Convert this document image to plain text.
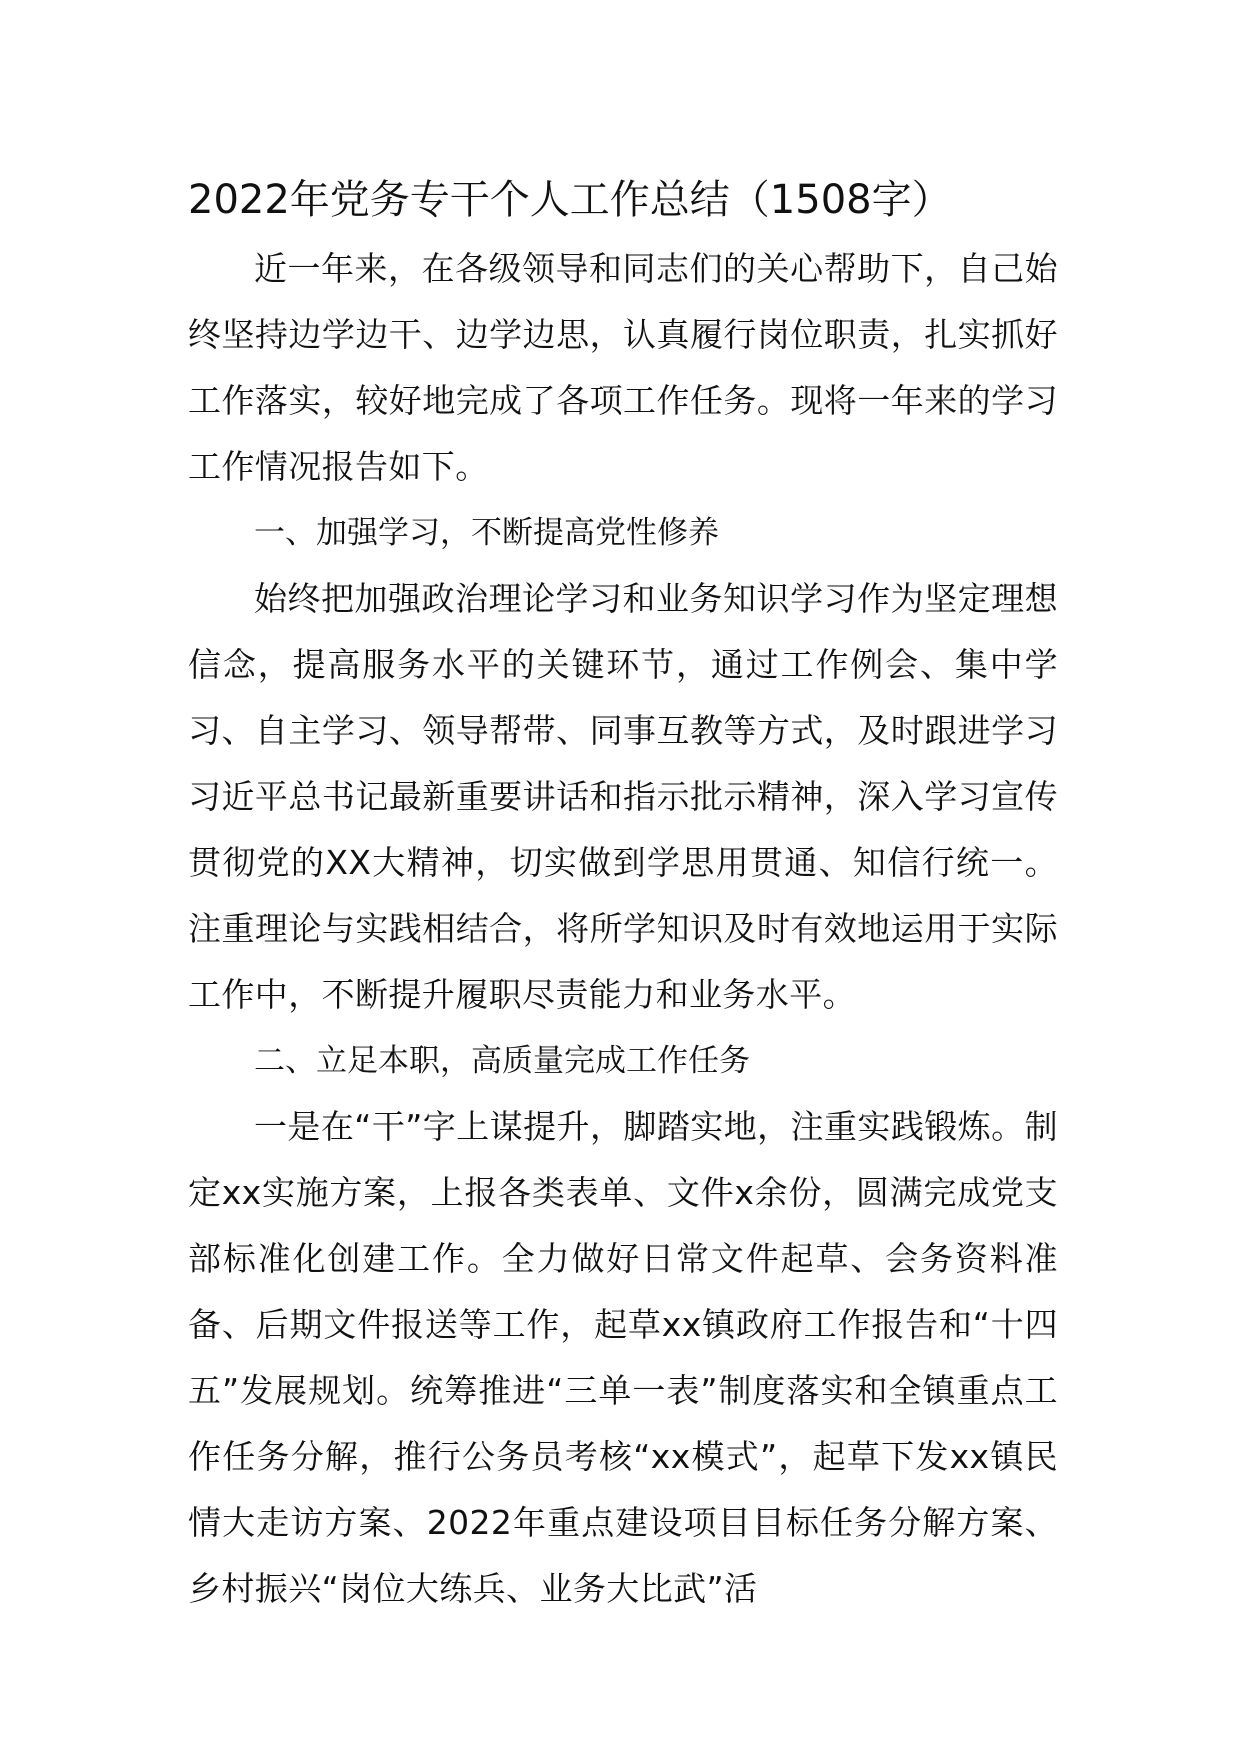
2022年党务专干个人工作总结（1508字）

近一年来，在各级领导和同志们的关心帮助下，自己始终坚持边学边干、边学边思，认真履行岗位职责，扎实抓好工作落实，较好地完成了各项工作任务。现将一年来的学习工作情况报告如下。

一、加强学习，不断提高党性修养

始终把加强政治理论学习和业务知识学习作为坚定理想信念，提高服务水平的关键环节，通过工作例会、集中学习、自主学习、领导帮带、同事互教等方式，及时跟进学习习近平总书记最新重要讲话和指示批示精神，深入学习宣传贯彻党的XX大精神，切实做到学思用贯通、知信行统一。注重理论与实践相结合，将所学知识及时有效地运用于实际工作中，不断提升履职尽责能力和业务水平。

二、立足本职，高质量完成工作任务

一是在“干”字上谋提升，脚踏实地，注重实践锻炼。制定xx实施方案，上报各类表单、文件x余份，圆满完成党支部标准化创建工作。全力做好日常文件起草、会务资料准备、后期文件报送等工作，起草xx镇政府工作报告和“十四五”发展规划。统筹推进“三单一表”制度落实和全镇重点工作任务分解，推行公务员考核“xx模式”，起草下发xx镇民情大走访方案、2022年重点建设项目目标任务分解方案、乡村振兴“岗位大练兵、业务大比武”活
